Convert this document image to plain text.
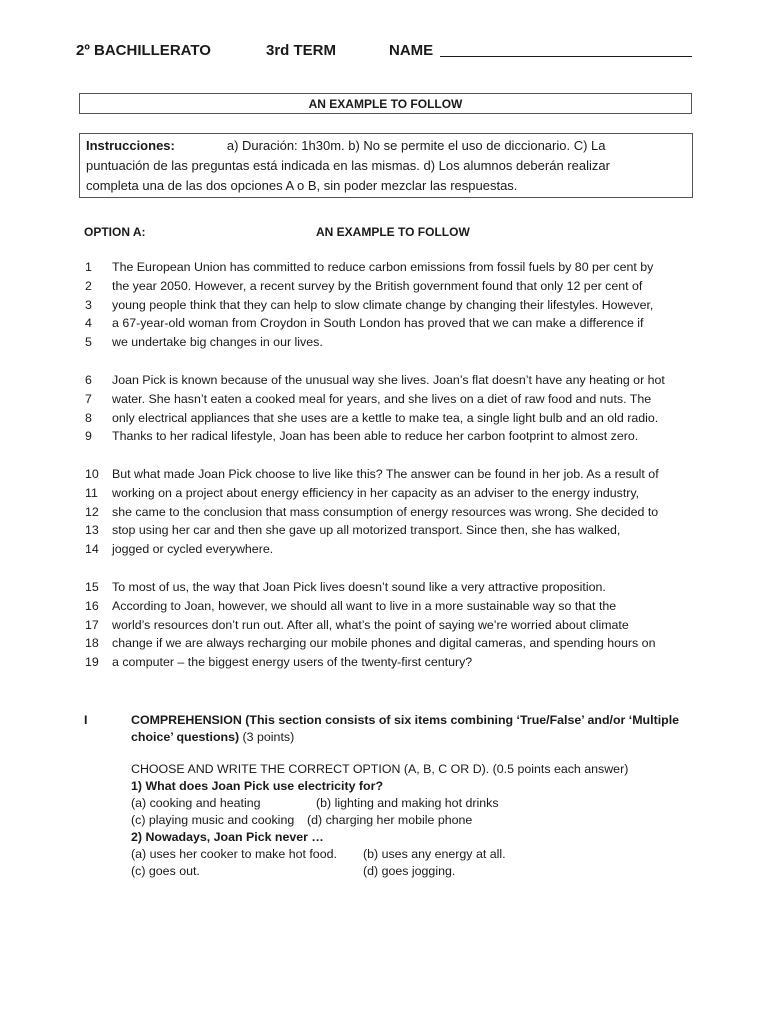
2º BACHILLERATO	3rd TERM	NAME
AN EXAMPLE TO FOLLOW
Instrucciones:	a) Duración: 1h30m. b) No se permite el uso de diccionario. C) La
puntuación de las preguntas está indicada en las mismas. d) Los alumnos deberán realizar
completa una de las dos opciones A o B, sin poder mezclar las respuestas.
OPTION A:	AN EXAMPLE TO FOLLOW
1	The European Union has committed to reduce carbon emissions from fossil fuels by 80 per cent by
2	the year 2050. However, a recent survey by the British government found that only 12 per cent of
3	young people think that they can help to slow climate change by changing their lifestyles. However,
4	a 67-year-old woman from Croydon in South London has proved that we can make a difference if
5	we undertake big changes in our lives.
6	Joan Pick is known because of the unusual way she lives. Joan’s flat doesn’t have any heating or hot
7	water. She hasn’t eaten a cooked meal for years, and she lives on a diet of raw food and nuts. The
8	only electrical appliances that she uses are a kettle to make tea, a single light bulb and an old radio.
9	Thanks to her radical lifestyle, Joan has been able to reduce her carbon footprint to almost zero.
10	But what made Joan Pick choose to live like this? The answer can be found in her job. As a result of
11	working on a project about energy efficiency in her capacity as an adviser to the energy industry,
12	she came to the conclusion that mass consumption of energy resources was wrong. She decided to
13	stop using her car and then she gave up all motorized transport. Since then, she has walked,
14	jogged or cycled everywhere.
15	To most of us, the way that Joan Pick lives doesn’t sound like a very attractive proposition.
16	According to Joan, however, we should all want to live in a more sustainable way so that the
17	world’s resources don’t run out. After all, what’s the point of saying we’re worried about climate
18	change if we are always recharging our mobile phones and digital cameras, and spending hours on
19	a computer – the biggest energy users of the twenty-first century?
I	COMPREHENSION (This section consists of six items combining ‘True/False’ and/or ‘Multiple
choice’ questions) (3 points)
CHOOSE AND WRITE THE CORRECT OPTION (A, B, C OR D). (0.5 points each answer)
1) What does Joan Pick use electricity for?
(a) cooking and heating	(b) lighting and making hot drinks
(c) playing music and cooking (d) charging her mobile phone
2) Nowadays, Joan Pick never …
(a) uses her cooker to make hot food. (b) uses any energy at all.
(c) goes out.	(d) goes jogging.
